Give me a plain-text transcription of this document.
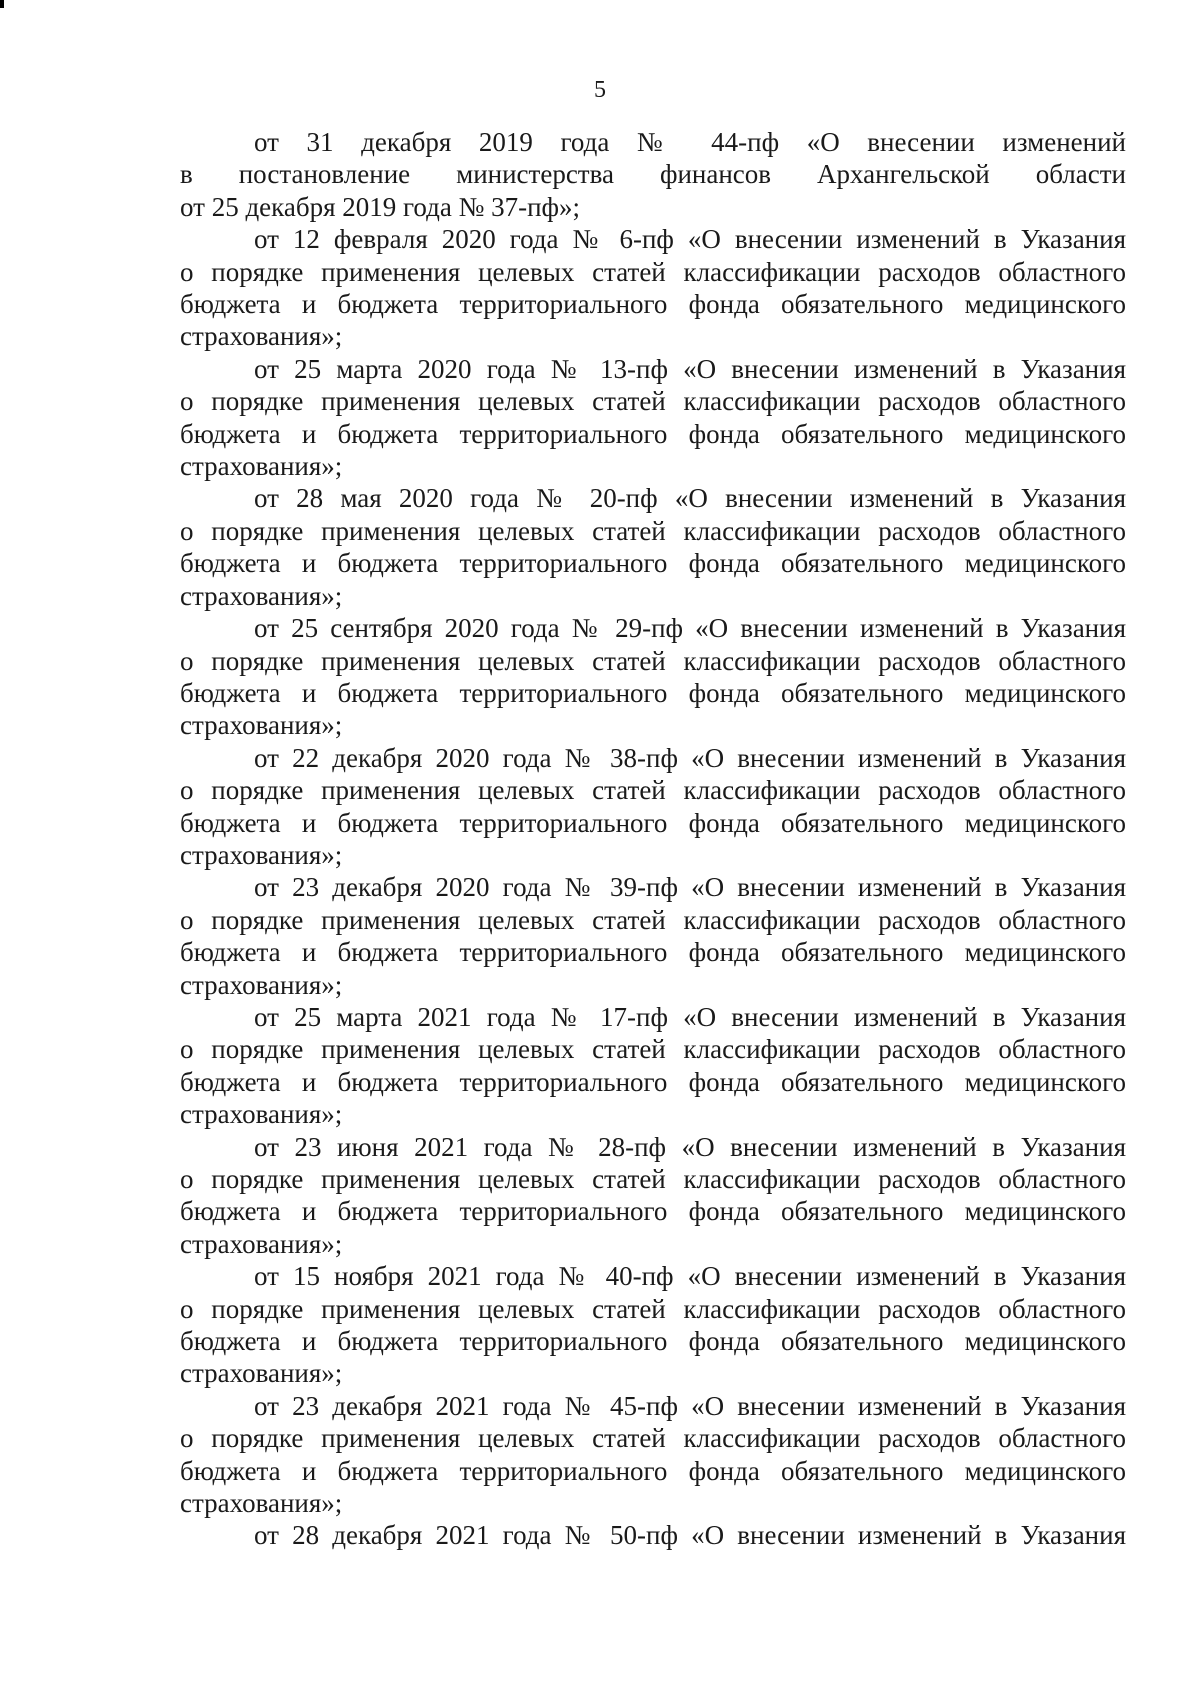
5
от 31 декабря 2019 года № 44-пф «О внесении изменений
в постановление министерства финансов Архангельской области
от 25 декабря 2019 года № 37-пф»;
от 12 февраля 2020 года № 6-пф «О внесении изменений в Указания
о порядке применения целевых статей классификации расходов областного
бюджета и бюджета территориального фонда обязательного медицинского
страхования»;
от 25 марта 2020 года № 13-пф «О внесении изменений в Указания
о порядке применения целевых статей классификации расходов областного
бюджета и бюджета территориального фонда обязательного медицинского
страхования»;
от 28 мая 2020 года № 20-пф «О внесении изменений в Указания
о порядке применения целевых статей классификации расходов областного
бюджета и бюджета территориального фонда обязательного медицинского
страхования»;
от 25 сентября 2020 года № 29-пф «О внесении изменений в Указания
о порядке применения целевых статей классификации расходов областного
бюджета и бюджета территориального фонда обязательного медицинского
страхования»;
от 22 декабря 2020 года № 38-пф «О внесении изменений в Указания
о порядке применения целевых статей классификации расходов областного
бюджета и бюджета территориального фонда обязательного медицинского
страхования»;
от 23 декабря 2020 года № 39-пф «О внесении изменений в Указания
о порядке применения целевых статей классификации расходов областного
бюджета и бюджета территориального фонда обязательного медицинского
страхования»;
от 25 марта 2021 года № 17-пф «О внесении изменений в Указания
о порядке применения целевых статей классификации расходов областного
бюджета и бюджета территориального фонда обязательного медицинского
страхования»;
от 23 июня 2021 года № 28-пф «О внесении изменений в Указания
о порядке применения целевых статей классификации расходов областного
бюджета и бюджета территориального фонда обязательного медицинского
страхования»;
от 15 ноября 2021 года № 40-пф «О внесении изменений в Указания
о порядке применения целевых статей классификации расходов областного
бюджета и бюджета территориального фонда обязательного медицинского
страхования»;
от 23 декабря 2021 года № 45-пф «О внесении изменений в Указания
о порядке применения целевых статей классификации расходов областного
бюджета и бюджета территориального фонда обязательного медицинского
страхования»;
от 28 декабря 2021 года № 50-пф «О внесении изменений в Указания
